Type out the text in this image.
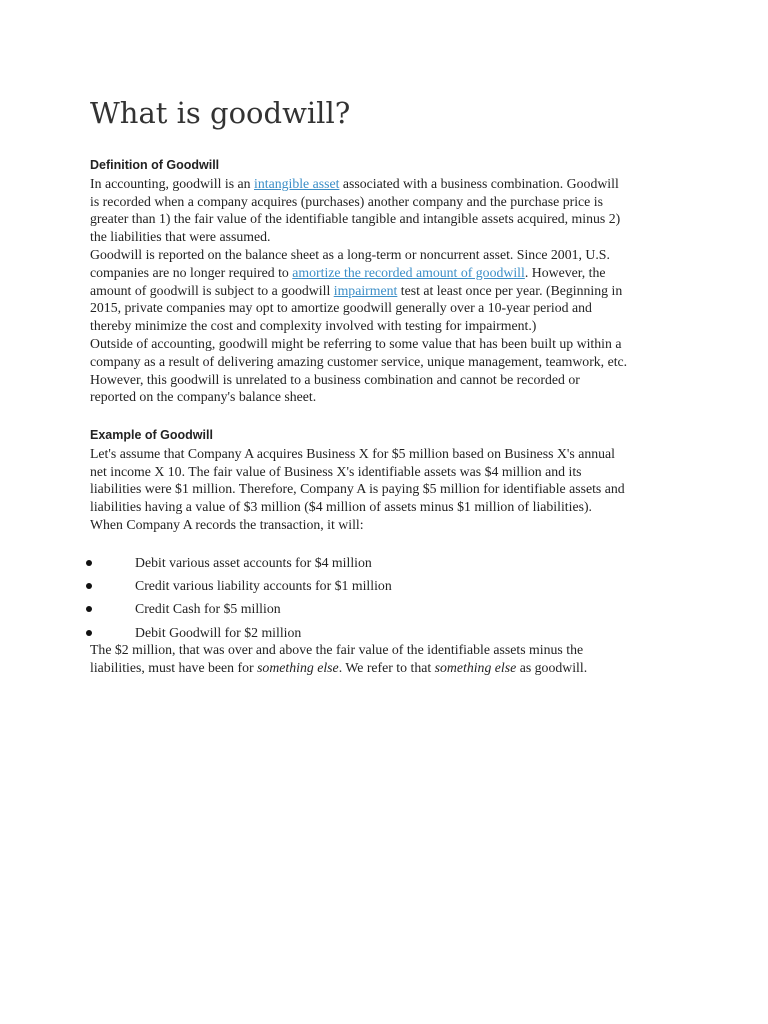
What is goodwill?
Definition of Goodwill
In accounting, goodwill is an intangible asset associated with a business combination. Goodwill
is recorded when a company acquires (purchases) another company and the purchase price is
greater than 1) the fair value of the identifiable tangible and intangible assets acquired, minus 2)
the liabilities that were assumed.
Goodwill is reported on the balance sheet as a long-term or noncurrent asset. Since 2001, U.S.
companies are no longer required to amortize the recorded amount of goodwill. However, the
amount of goodwill is subject to a goodwill impairment test at least once per year. (Beginning in
2015, private companies may opt to amortize goodwill generally over a 10-year period and
thereby minimize the cost and complexity involved with testing for impairment.)
Outside of accounting, goodwill might be referring to some value that has been built up within a
company as a result of delivering amazing customer service, unique management, teamwork, etc.
However, this goodwill is unrelated to a business combination and cannot be recorded or
reported on the company's balance sheet.
Example of Goodwill
Let's assume that Company A acquires Business X for $5 million based on Business X's annual
net income X 10. The fair value of Business X's identifiable assets was $4 million and its
liabilities were $1 million. Therefore, Company A is paying $5 million for identifiable assets and
liabilities having a value of $3 million ($4 million of assets minus $1 million of liabilities).
When Company A records the transaction, it will:
Debit various asset accounts for $4 million
Credit various liability accounts for $1 million
Credit Cash for $5 million
Debit Goodwill for $2 million
The $2 million, that was over and above the fair value of the identifiable assets minus the
liabilities, must have been for something else. We refer to that something else as goodwill.
